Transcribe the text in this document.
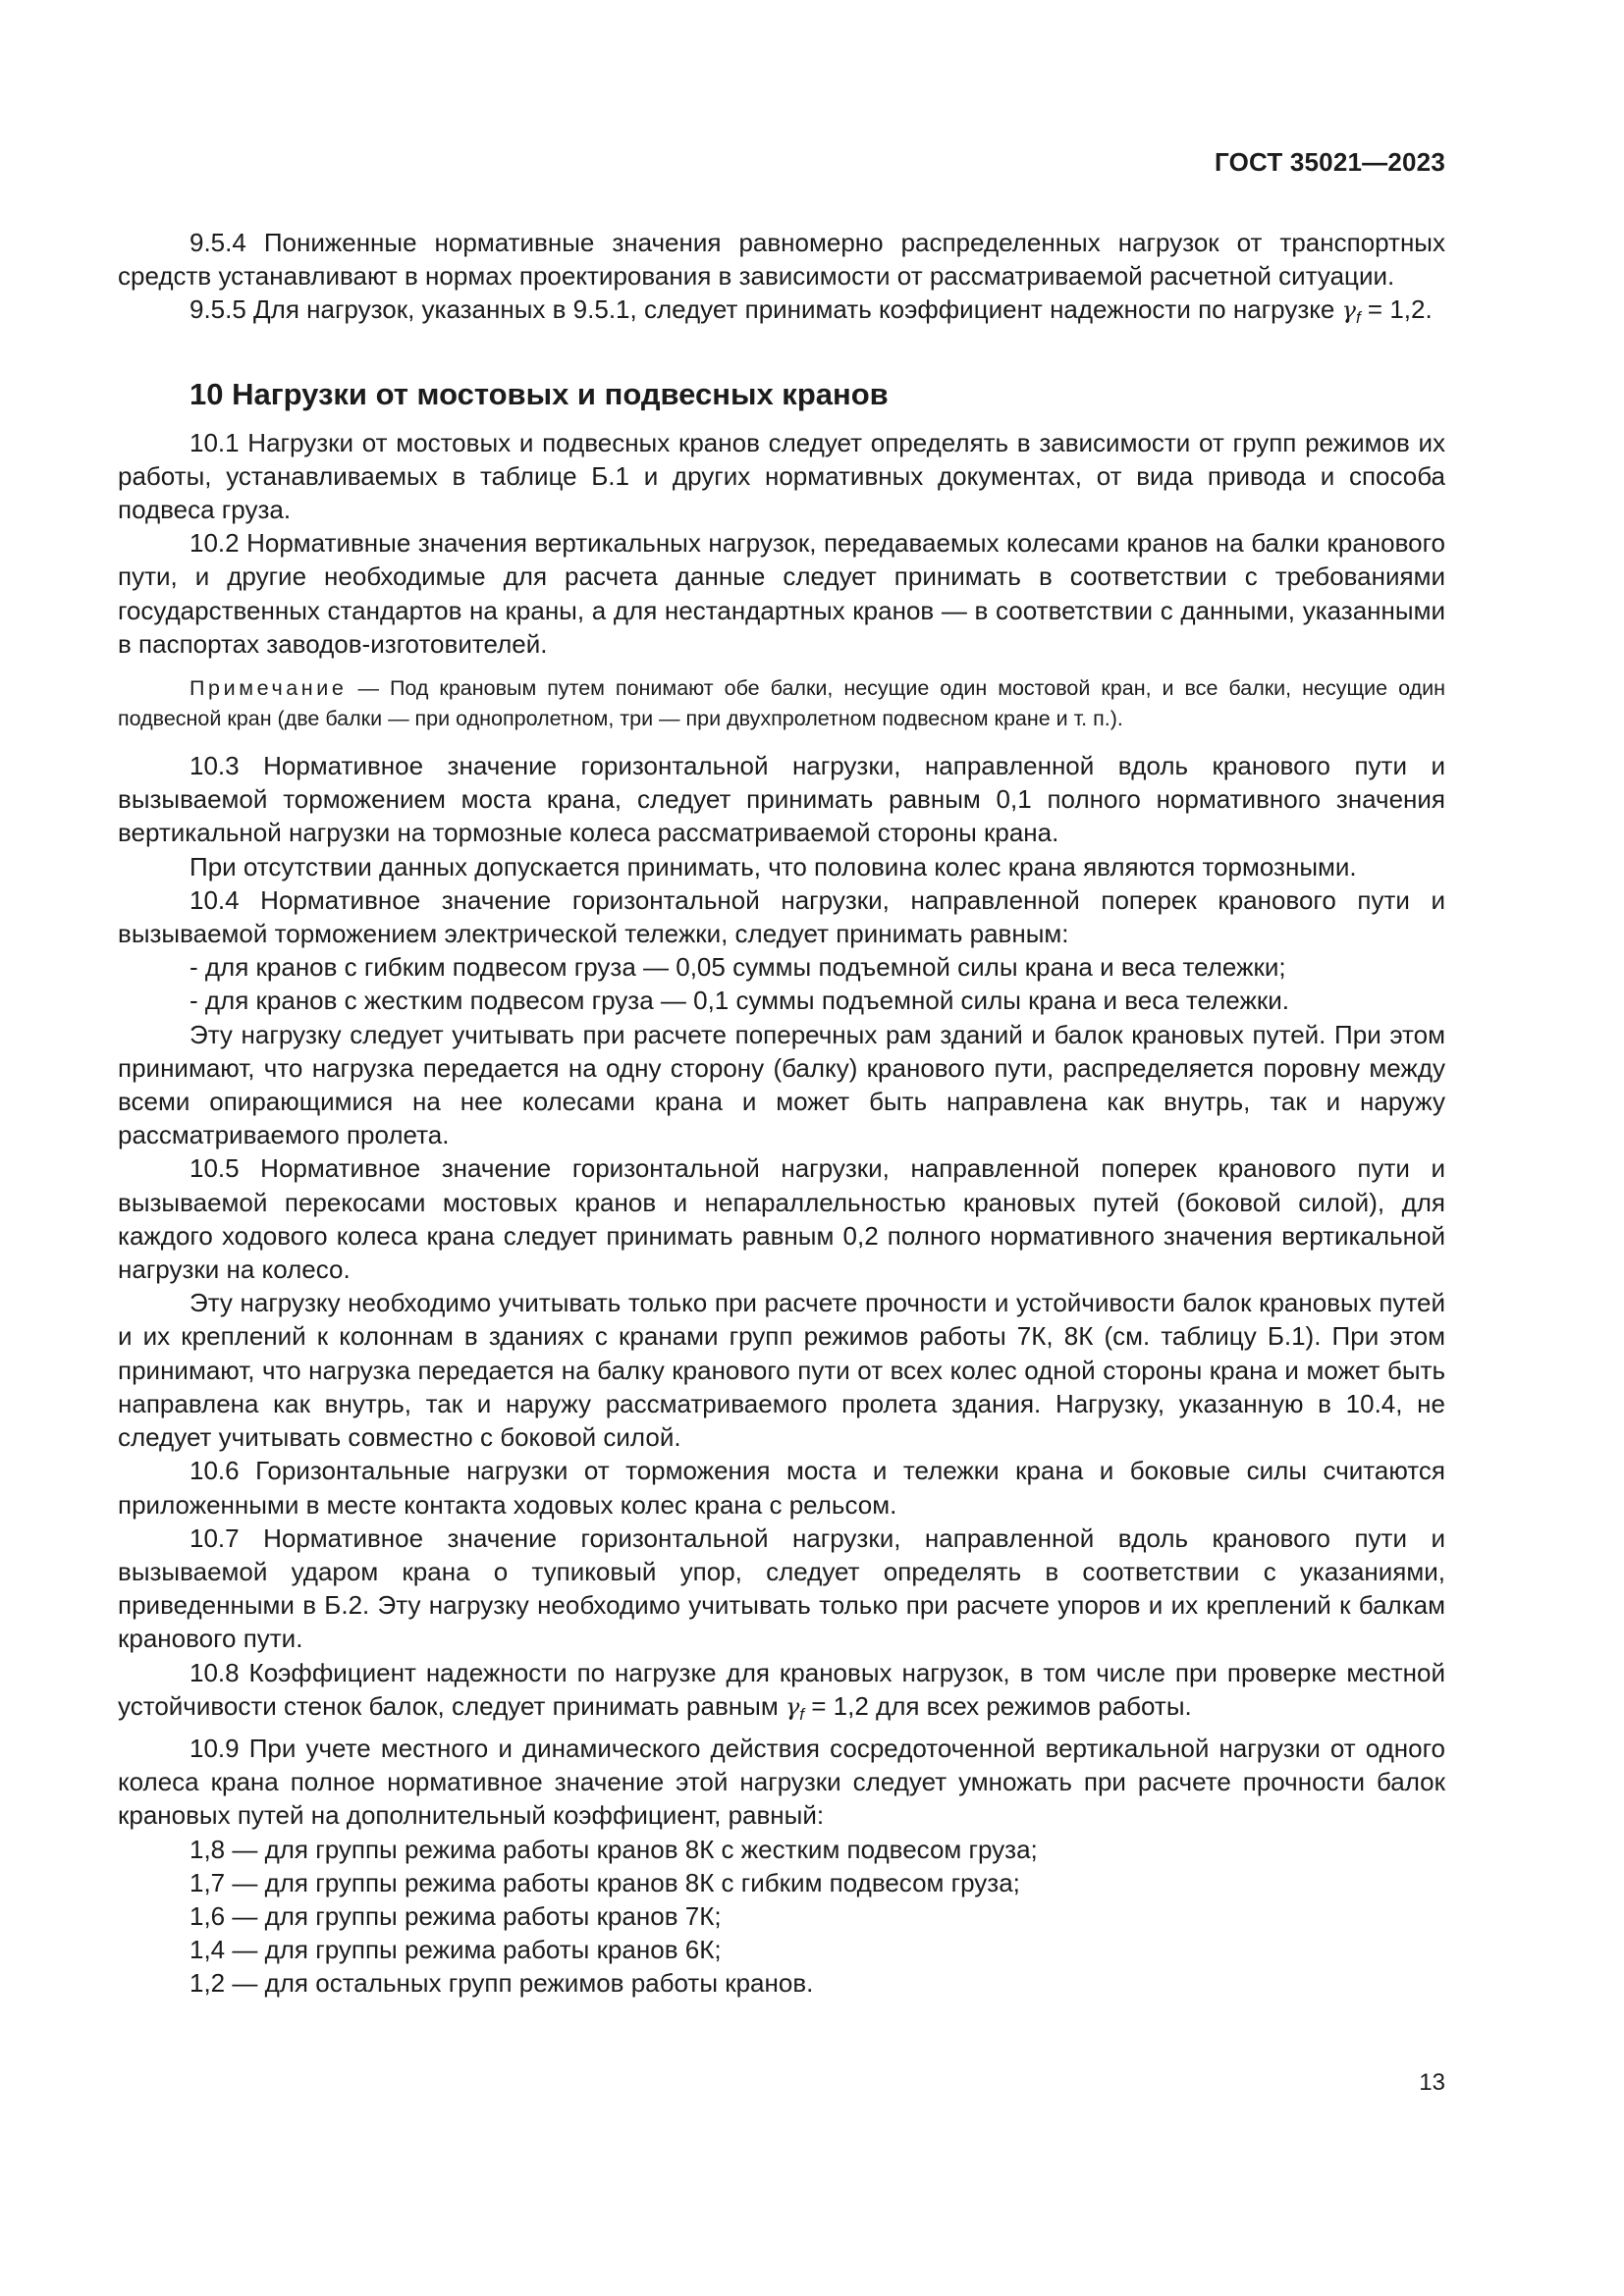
ГОСТ 35021—2023

9.5.4 Пониженные нормативные значения равномерно распределенных нагрузок от транспортных средств устанавливают в нормах проектирования в зависимости от рассматриваемой расчетной ситуации.

9.5.5 Для нагрузок, указанных в 9.5.1, следует принимать коэффициент надежности по нагрузке $\gamma_f = 1,2$.

10 Нагрузки от мостовых и подвесных кранов

10.1 Нагрузки от мостовых и подвесных кранов следует определять в зависимости от групп режимов их работы, устанавливаемых в таблице Б.1 и других нормативных документах, от вида привода и способа подвеса груза.

10.2 Нормативные значения вертикальных нагрузок, передаваемых колесами кранов на балки кранового пути, и другие необходимые для расчета данные следует принимать в соответствии с требованиями государственных стандартов на краны, а для нестандартных кранов — в соответствии с данными, указанными в паспортах заводов-изготовителей.

Примечание — Под крановым путем понимают обе балки, несущие один мостовой кран, и все балки, несущие один подвесной кран (две балки — при однопролетном, три — при двухпролетном подвесном кране и т. п.).

10.3 Нормативное значение горизонтальной нагрузки, направленной вдоль кранового пути и вызываемой торможением моста крана, следует принимать равным 0,1 полного нормативного значения вертикальной нагрузки на тормозные колеса рассматриваемой стороны крана.

При отсутствии данных допускается принимать, что половина колес крана являются тормозными.

10.4 Нормативное значение горизонтальной нагрузки, направленной поперек кранового пути и вызываемой торможением электрической тележки, следует принимать равным:

- для кранов с гибким подвесом груза — 0,05 суммы подъемной силы крана и веса тележки;

- для кранов с жестким подвесом груза — 0,1 суммы подъемной силы крана и веса тележки.

Эту нагрузку следует учитывать при расчете поперечных рам зданий и балок крановых путей. При этом принимают, что нагрузка передается на одну сторону (балку) кранового пути, распределяется поровну между всеми опирающимися на нее колесами крана и может быть направлена как внутрь, так и наружу рассматриваемого пролета.

10.5 Нормативное значение горизонтальной нагрузки, направленной поперек кранового пути и вызываемой перекосами мостовых кранов и непараллельностью крановых путей (боковой силой), для каждого ходового колеса крана следует принимать равным 0,2 полного нормативного значения вертикальной нагрузки на колесо.

Эту нагрузку необходимо учитывать только при расчете прочности и устойчивости балок крановых путей и их креплений к колоннам в зданиях с кранами групп режимов работы 7К, 8К (см. таблицу Б.1). При этом принимают, что нагрузка передается на балку кранового пути от всех колес одной стороны крана и может быть направлена как внутрь, так и наружу рассматриваемого пролета здания. Нагрузку, указанную в 10.4, не следует учитывать совместно с боковой силой.

10.6 Горизонтальные нагрузки от торможения моста и тележки крана и боковые силы считаются приложенными в месте контакта ходовых колес крана с рельсом.

10.7 Нормативное значение горизонтальной нагрузки, направленной вдоль кранового пути и вызываемой ударом крана о тупиковый упор, следует определять в соответствии с указаниями, приведенными в Б.2. Эту нагрузку необходимо учитывать только при расчете упоров и их креплений к балкам кранового пути.

10.8 Коэффициент надежности по нагрузке для крановых нагрузок, в том числе при проверке местной устойчивости стенок балок, следует принимать равным $\gamma_f = 1,2$ для всех режимов работы.

10.9 При учете местного и динамического действия сосредоточенной вертикальной нагрузки от одного колеса крана полное нормативное значение этой нагрузки следует умножать при расчете прочности балок крановых путей на дополнительный коэффициент, равный:

1,8 — для группы режима работы кранов 8К с жестким подвесом груза;

1,7 — для группы режима работы кранов 8К с гибким подвесом груза;

1,6 — для группы режима работы кранов 7К;

1,4 — для группы режима работы кранов 6К;

1,2 — для остальных групп режимов работы кранов.

13
